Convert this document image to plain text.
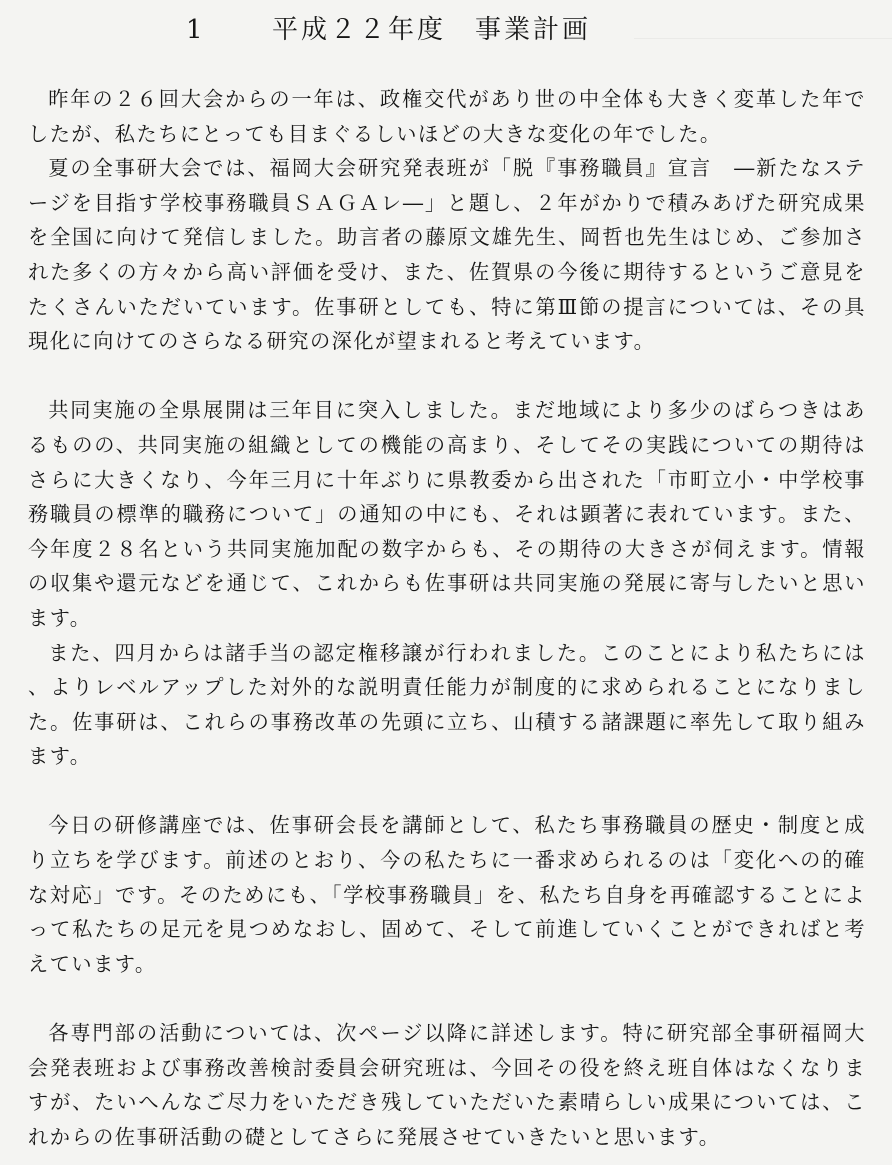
1	平成２２年度　事業計画

昨年の２６回大会からの一年は、政権交代があり世の中全体も大きく変革した年でしたが、私たちにとっても目まぐるしいほどの大きな変化の年でした。

夏の全事研大会では、福岡大会研究発表班が「脱『事務職員』宣言　―新たなステージを目指す学校事務職員ＳＡＧＡレ―」と題し、２年がかりで積みあげた研究成果を全国に向けて発信しました。助言者の藤原文雄先生、岡哲也先生はじめ、ご参加された多くの方々から高い評価を受け、また、佐賀県の今後に期待するというご意見をたくさんいただいています。佐事研としても、特に第Ⅲ節の提言については、その具現化に向けてのさらなる研究の深化が望まれると考えています。

共同実施の全県展開は三年目に突入しました。まだ地域により多少のばらつきはあるものの、共同実施の組織としての機能の高まり、そしてその実践についての期待はさらに大きくなり、今年三月に十年ぶりに県教委から出された「市町立小・中学校事務職員の標準的職務について」の通知の中にも、それは顕著に表れています。また、今年度２８名という共同実施加配の数字からも、その期待の大きさが伺えます。情報の収集や還元などを通じて、これからも佐事研は共同実施の発展に寄与したいと思います。

また、四月からは諸手当の認定権移譲が行われました。このことにより私たちには、よりレベルアップした対外的な説明責任能力が制度的に求められることになりました。佐事研は、これらの事務改革の先頭に立ち、山積する諸課題に率先して取り組みます。

今日の研修講座では、佐事研会長を講師として、私たち事務職員の歴史・制度と成り立ちを学びます。前述のとおり、今の私たちに一番求められるのは「変化への的確な対応」です。そのためにも、「学校事務職員」を、私たち自身を再確認することによって私たちの足元を見つめなおし、固めて、そして前進していくことができればと考えています。

各専門部の活動については、次ページ以降に詳述します。特に研究部全事研福岡大会発表班および事務改善検討委員会研究班は、今回その役を終え班自体はなくなりますが、たいへんなご尽力をいただき残していただいた素晴らしい成果については、これからの佐事研活動の礎としてさらに発展させていきたいと思います。
